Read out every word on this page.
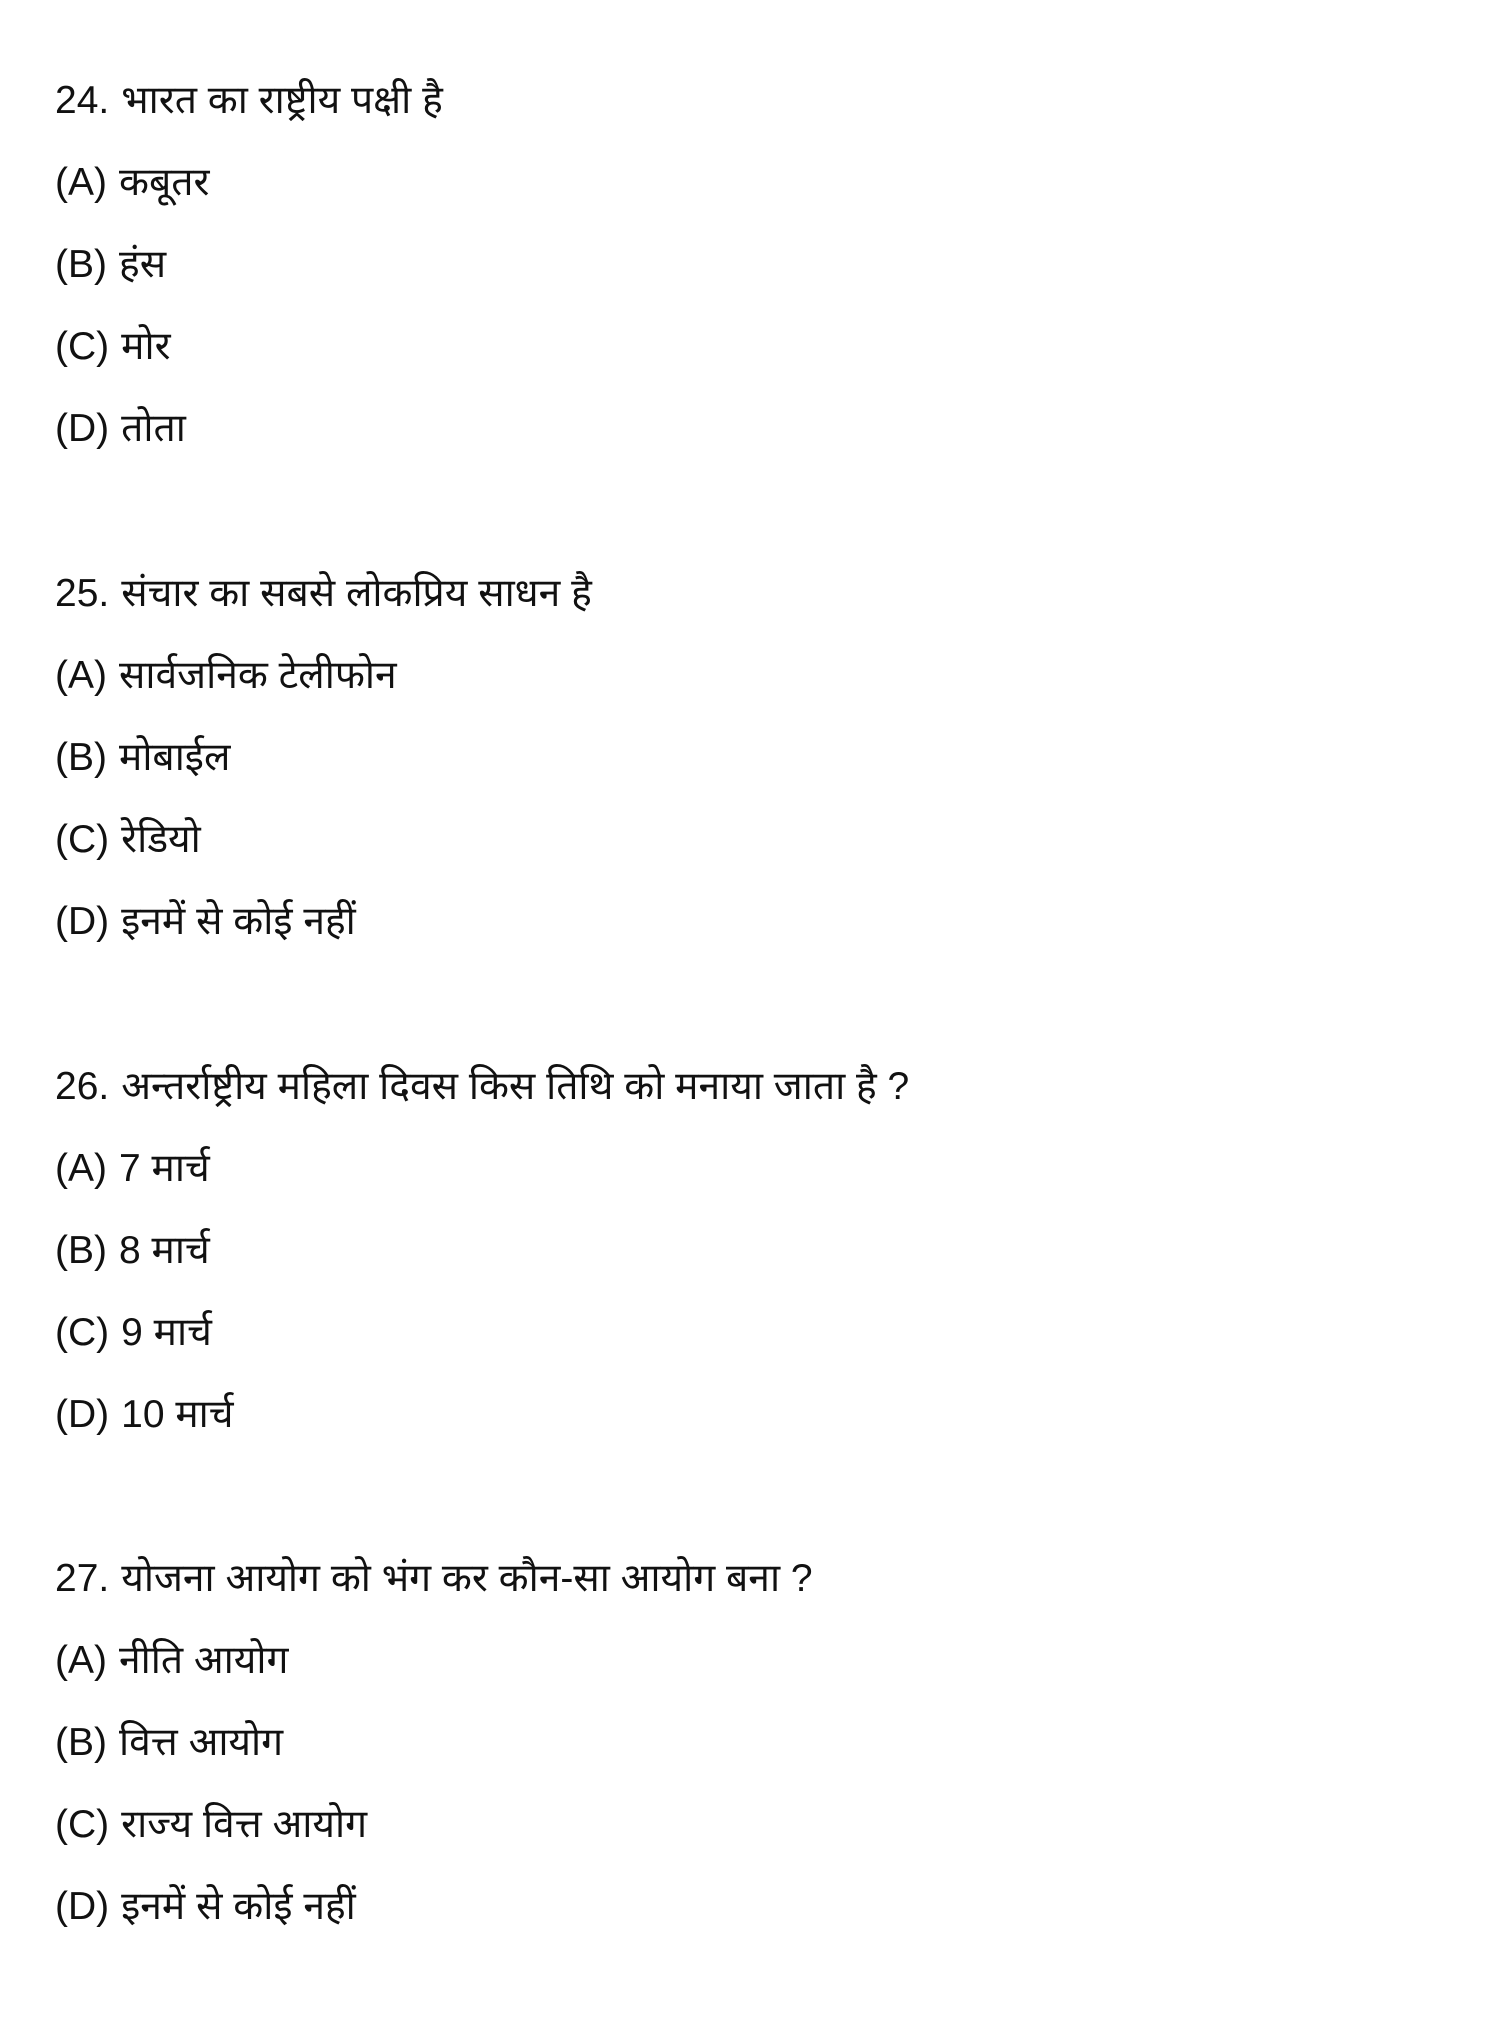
24. भारत का राष्ट्रीय पक्षी है
(A) कबूतर
(B) हंस
(C) मोर
(D) तोता
25. संचार का सबसे लोकप्रिय साधन है
(A) सार्वजनिक टेलीफोन
(B) मोबाईल
(C) रेडियो
(D) इनमें से कोई नहीं
26. अन्तर्राष्ट्रीय महिला दिवस किस तिथि को मनाया जाता है ?
(A) 7 मार्च
(B) 8 मार्च
(C) 9 मार्च
(D) 10 मार्च
27. योजना आयोग को भंग कर कौन-सा आयोग बना ?
(A) नीति आयोग
(B) वित्त आयोग
(C) राज्य वित्त आयोग
(D) इनमें से कोई नहीं
